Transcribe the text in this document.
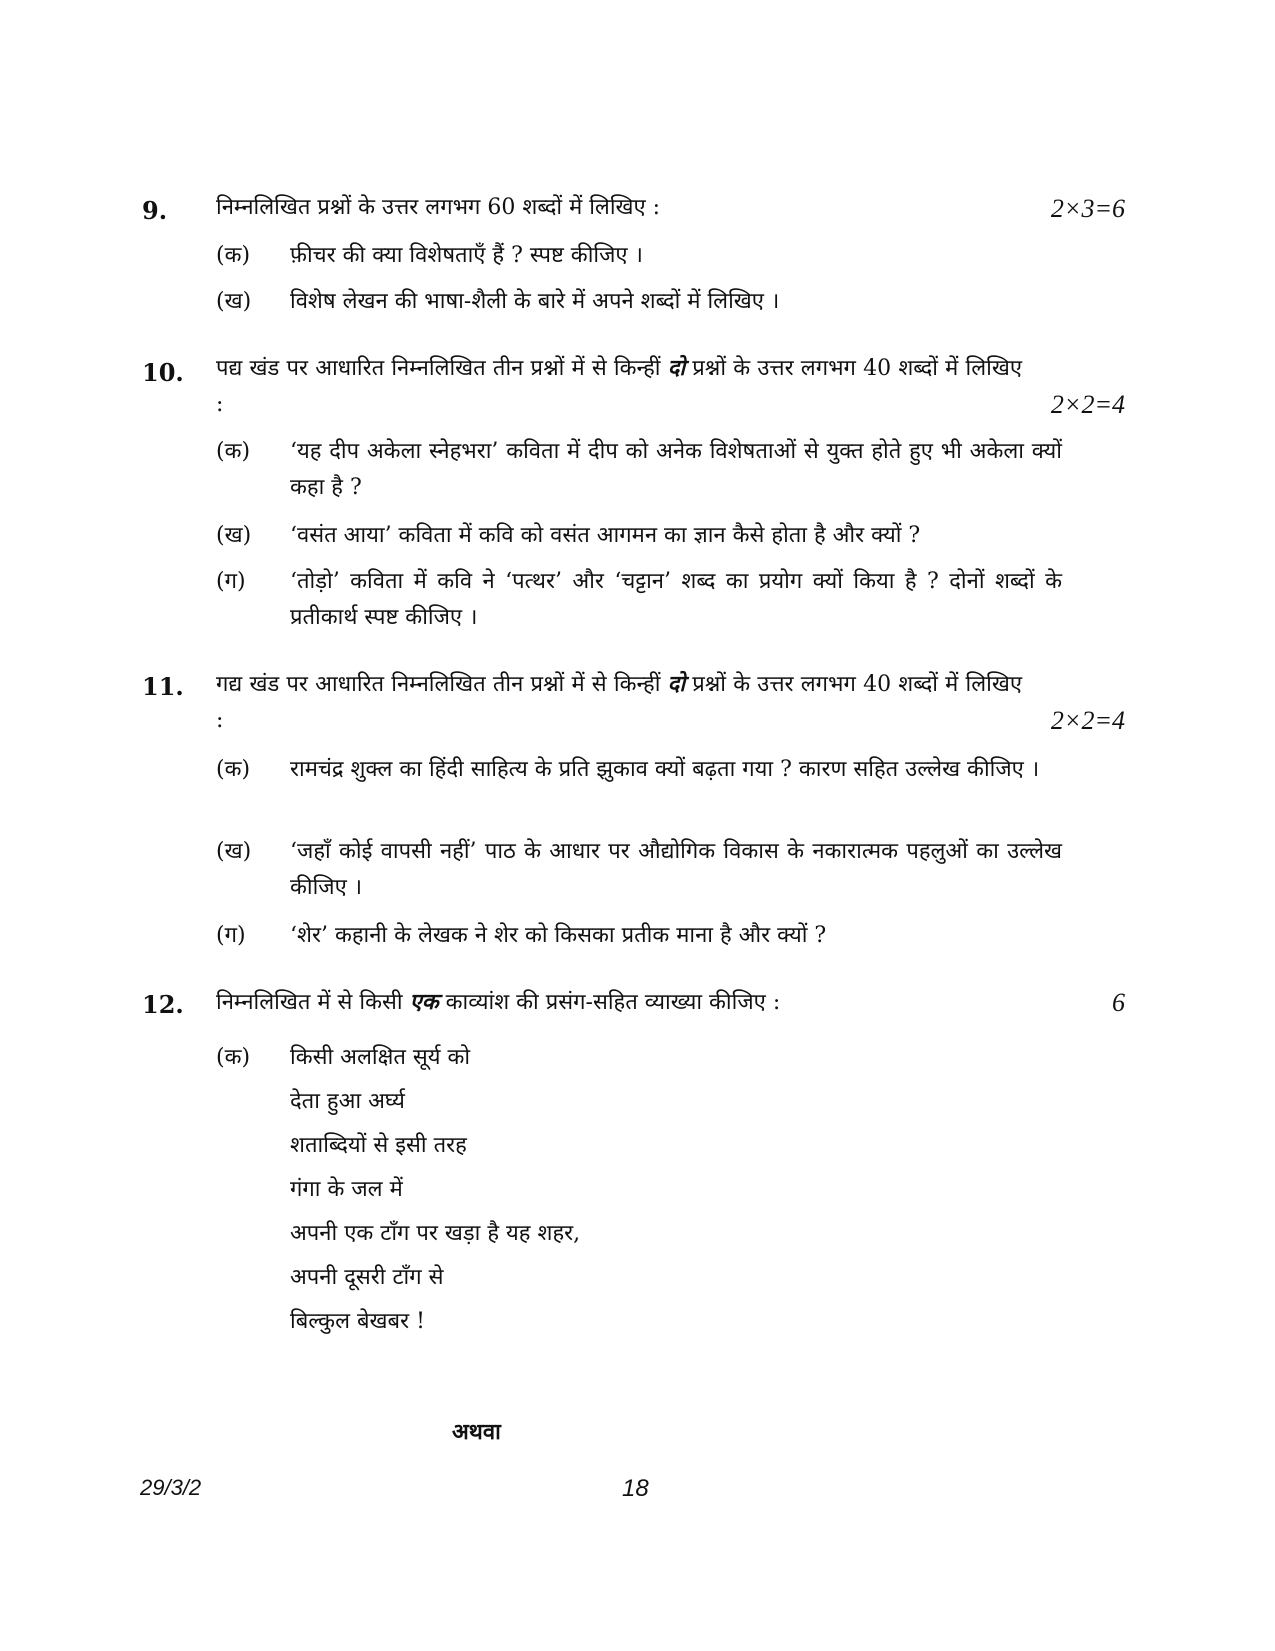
9. निम्नलिखित प्रश्नों के उत्तर लगभग 60 शब्दों में लिखिए :	2×3=6
(क) फ़ीचर की क्या विशेषताएँ हैं ? स्पष्ट कीजिए ।
(ख) विशेष लेखन की भाषा-शैली के बारे में अपने शब्दों में लिखिए ।
10. पद्य खंड पर आधारित निम्नलिखित तीन प्रश्नों में से किन्हीं दो प्रश्नों के उत्तर लगभग 40 शब्दों में लिखिए :	2×2=4
(क) ‘यह दीप अकेला स्नेहभरा’ कविता में दीप को अनेक विशेषताओं से युक्त होते हुए भी अकेला क्यों कहा है ?
(ख) ‘वसंत आया’ कविता में कवि को वसंत आगमन का ज्ञान कैसे होता है और क्यों ?
(ग) ‘तोड़ो’ कविता में कवि ने ‘पत्थर’ और ‘चट्टान’ शब्द का प्रयोग क्यों किया है ? दोनों शब्दों के प्रतीकार्थ स्पष्ट कीजिए ।
11. गद्य खंड पर आधारित निम्नलिखित तीन प्रश्नों में से किन्हीं दो प्रश्नों के उत्तर लगभग 40 शब्दों में लिखिए :	2×2=4
(क) रामचंद्र शुक्ल का हिंदी साहित्य के प्रति झुकाव क्यों बढ़ता गया ? कारण सहित उल्लेख कीजिए ।
(ख) ‘जहाँ कोई वापसी नहीं’ पाठ के आधार पर औद्योगिक विकास के नकारात्मक पहलुओं का उल्लेख कीजिए ।
(ग) ‘शेर’ कहानी के लेखक ने शेर को किसका प्रतीक माना है और क्यों ?
12. निम्नलिखित में से किसी एक काव्यांश की प्रसंग-सहित व्याख्या कीजिए :	6
(क) किसी अलक्षित सूर्य को
देता हुआ अर्घ्य
शताब्दियों से इसी तरह
गंगा के जल में
अपनी एक टाँग पर खड़ा है यह शहर,
अपनी दूसरी टाँग से
बिल्कुल बेखबर !
अथवा
29/3/2	18
